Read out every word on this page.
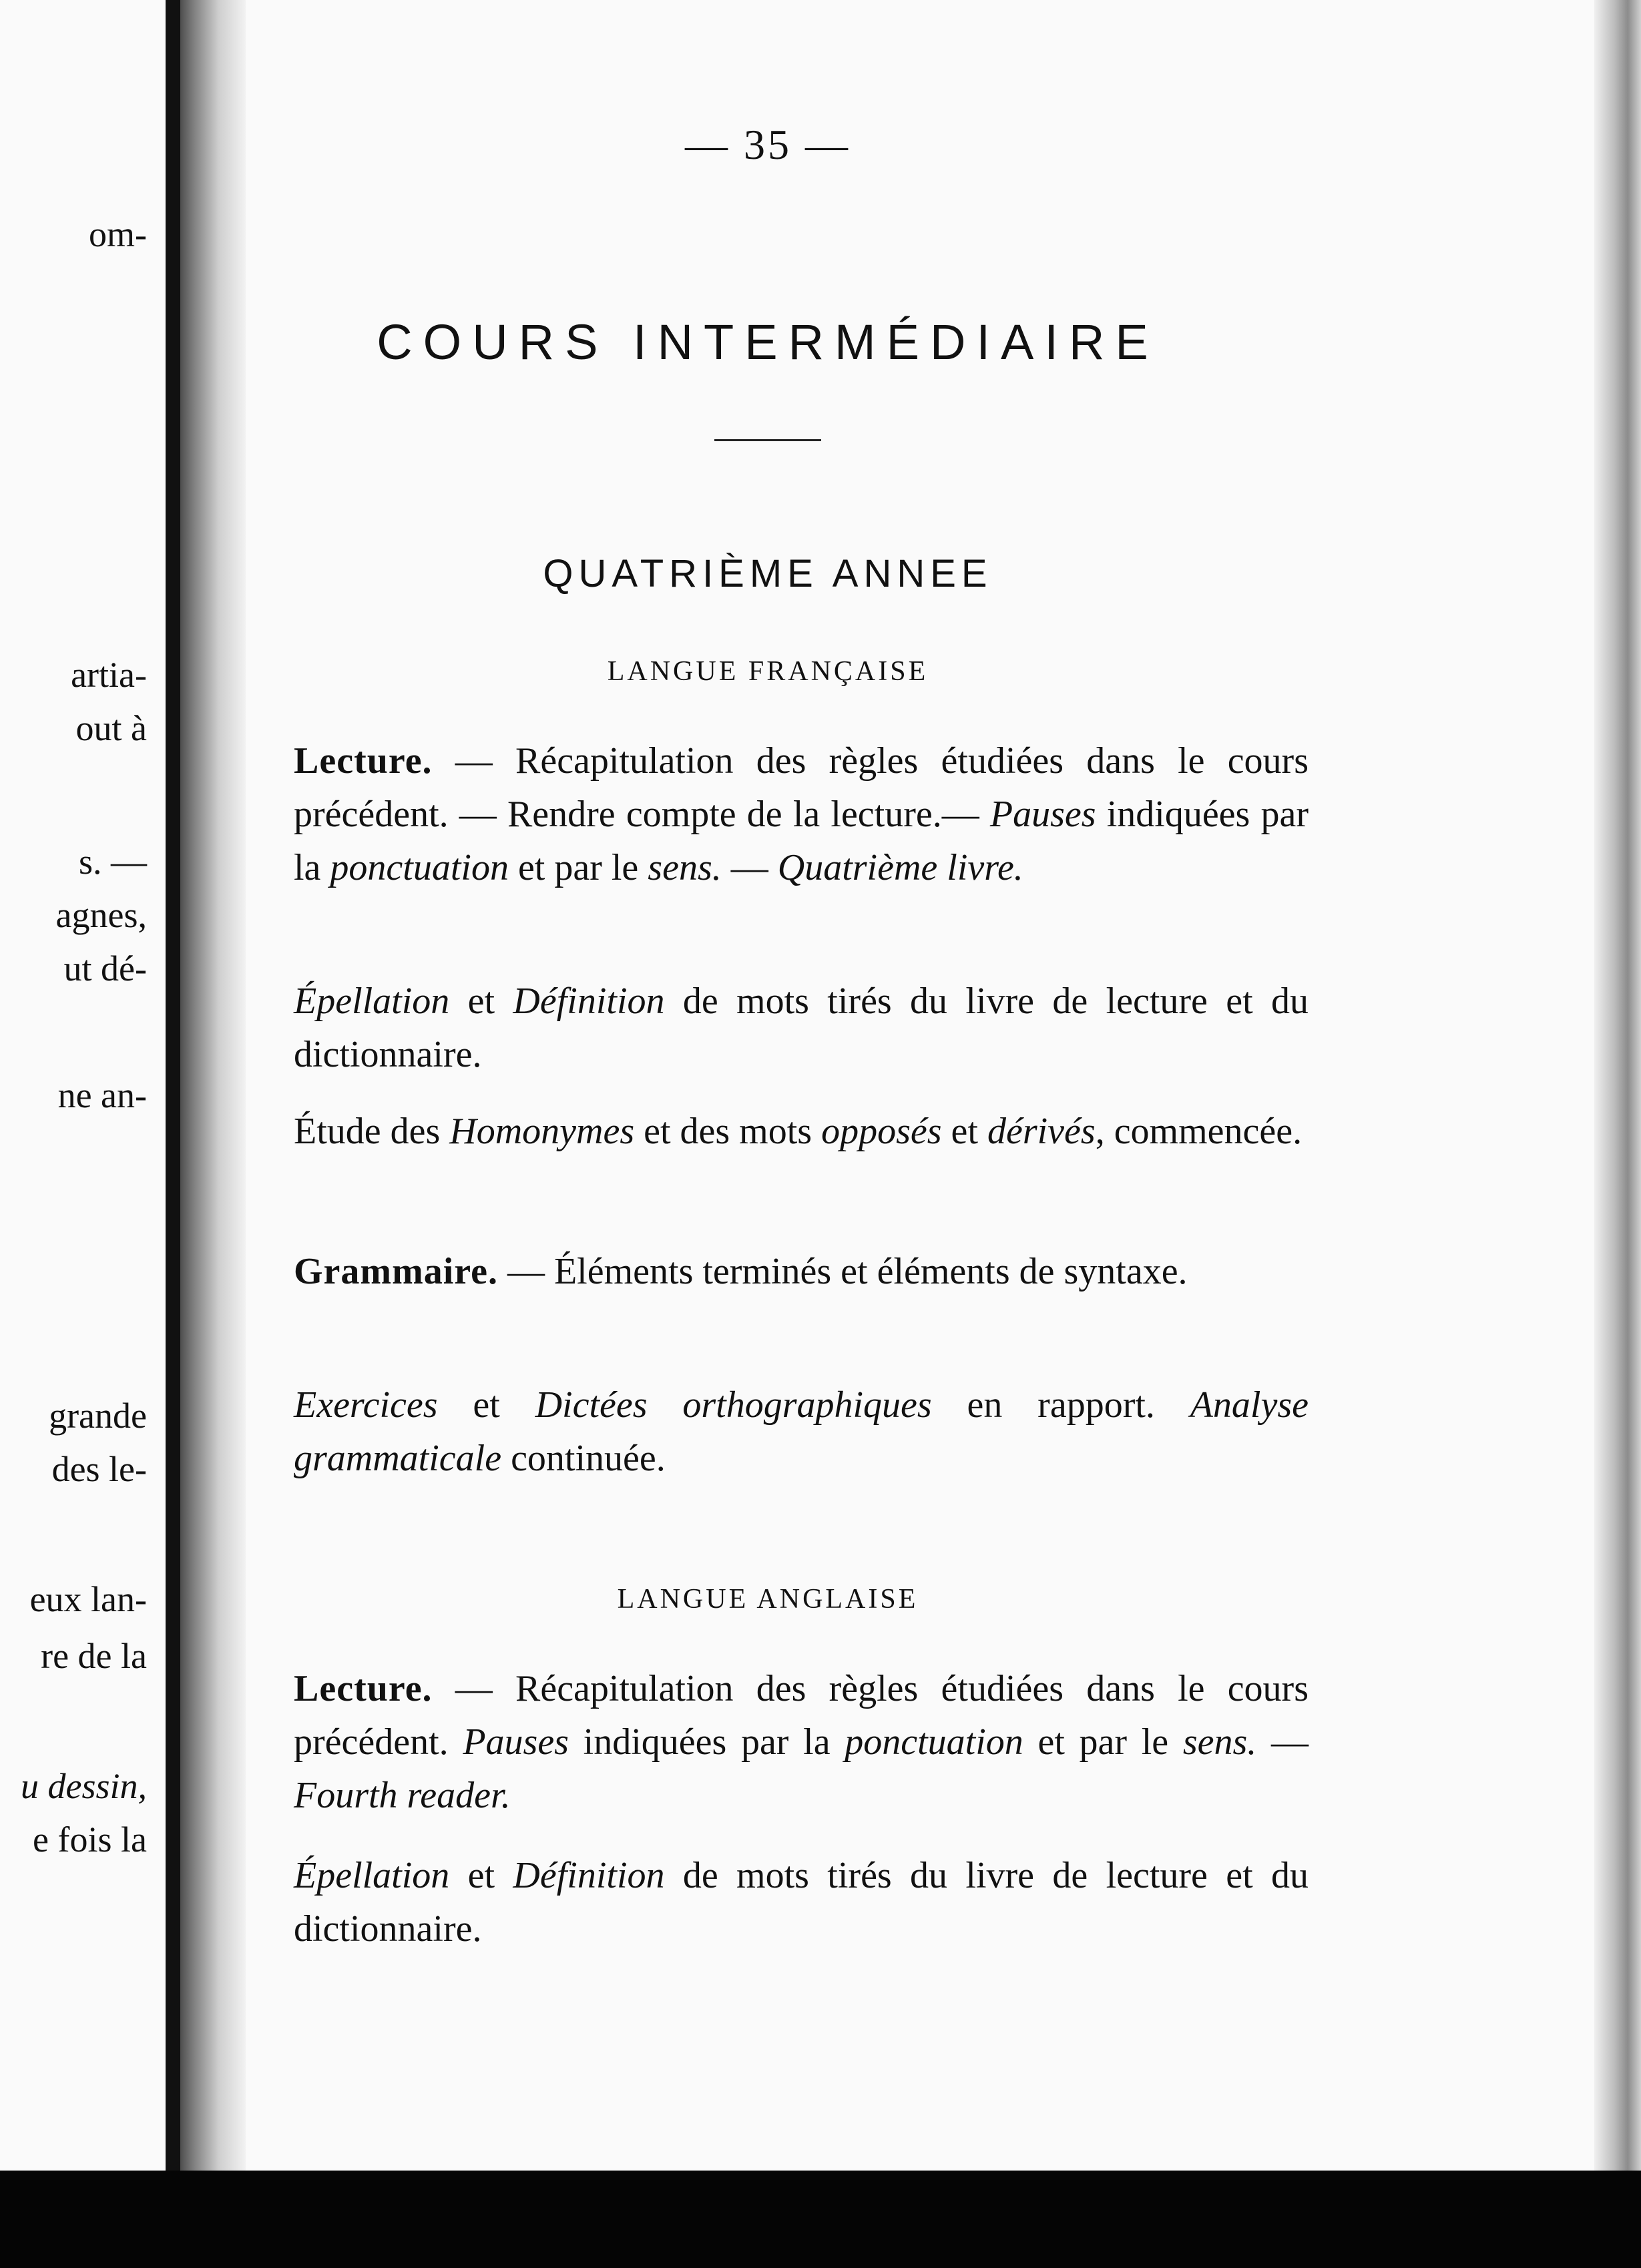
om-
artia-
out à
s. —
agnes,
ut dé-
ne an-
grande
des le-
eux lan-
re de la
u dessin,
e fois la
— 35 —
COURS INTERMÉDIAIRE
QUATRIÈME ANNEE
LANGUE FRANÇAISE
Lecture. — Récapitulation des règles étudiées dans le cours précédent. — Rendre compte de la lecture.— Pauses indiquées par la ponctuation et par le sens. — Quatrième livre.
Épellation et Définition de mots tirés du livre de lecture et du dictionnaire.
Étude des Homonymes et des mots opposés et dérivés, commencée.
Grammaire. — Éléments terminés et éléments de syntaxe.
Exercices et Dictées orthographiques en rapport. Analyse grammaticale continuée.
LANGUE ANGLAISE
Lecture. — Récapitulation des règles étudiées dans le cours précédent. Pauses indiquées par la ponctuation et par le sens. — Fourth reader.
Épellation et Définition de mots tirés du livre de lecture et du dictionnaire.
